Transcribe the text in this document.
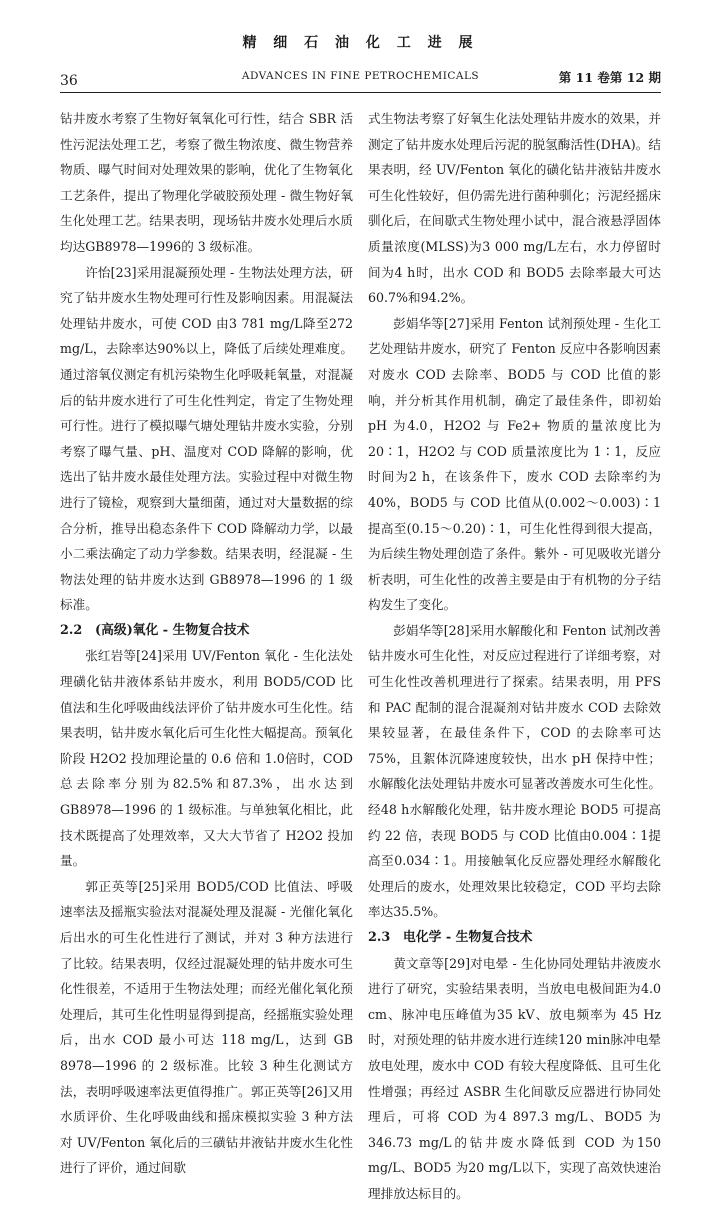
精 细 石 油 化 工 进 展
ADVANCES IN FINE PETROCHEMICALS
36	第 11 卷第 12 期

钻井废水考察了生物好氧氧化可行性，结合 SBR 活性污泥法处理工艺，考察了微生物浓度、微生物营养物质、曝气时间对处理效果的影响，优化了生物氧化工艺条件，提出了物理化学破胶预处理 - 微生物好氧生化处理工艺。结果表明，现场钻井废水处理后水质均达GB8978—1996的 3 级标准。

许怡[23]采用混凝预处理 - 生物法处理方法，研究了钻井废水生物处理可行性及影响因素。用混凝法处理钻井废水，可使 COD 由3 781 mg/L降至272 mg/L，去除率达90%以上，降低了后续处理难度。通过溶氧仪测定有机污染物生化呼吸耗氧量，对混凝后的钻井废水进行了可生化性判定，肯定了生物处理可行性。进行了模拟曝气塘处理钻井废水实验，分别考察了曝气量、pH、温度对 COD 降解的影响，优选出了钻井废水最佳处理方法。实验过程中对微生物进行了镜检，观察到大量细菌，通过对大量数据的综合分析，推导出稳态条件下 COD 降解动力学，以最小二乘法确定了动力学参数。结果表明，经混凝 - 生物法处理的钻井废水达到 GB8978—1996 的 1 级标准。

2.2　(高级)氧化 - 生物复合技术

张红岩等[24]采用 UV/Fenton 氧化 - 生化法处理磺化钻井液体系钻井废水，利用 BOD5/COD 比值法和生化呼吸曲线法评价了钻井废水可生化性。结果表明，钻井废水氧化后可生化性大幅提高。预氧化阶段 H2O2 投加理论量的 0.6 倍和 1.0倍时，COD 总去除率分别为82.5%和87.3%，出水达到 GB8978—1996 的 1 级标准。与单独氧化相比，此技术既提高了处理效率，又大大节省了 H2O2 投加量。

郭正英等[25]采用 BOD5/COD 比值法、呼吸速率法及摇瓶实验法对混凝处理及混凝 - 光催化氧化后出水的可生化性进行了测试，并对 3 种方法进行了比较。结果表明，仅经过混凝处理的钻井废水可生化性很差，不适用于生物法处理；而经光催化氧化预处理后，其可生化性明显得到提高，经摇瓶实验处理后，出水 COD 最小可达 118 mg/L，达到 GB 8978—1996 的 2 级标准。比较 3 种生化测试方法，表明呼吸速率法更值得推广。郭正英等[26]又用水质评价、生化呼吸曲线和摇床模拟实验 3 种方法对 UV/Fenton 氧化后的三磺钻井液钻井废水生化性进行了评价，通过间歇

式生物法考察了好氧生化法处理钻井废水的效果，并测定了钻井废水处理后污泥的脱氢酶活性(DHA)。结果表明，经 UV/Fenton 氧化的磺化钻井液钻井废水可生化性较好，但仍需先进行菌种驯化；污泥经摇床驯化后，在间歇式生物处理小试中，混合液悬浮固体质量浓度(MLSS)为3 000 mg/L左右，水力停留时间为4 h时，出水 COD 和 BOD5 去除率最大可达60.7%和94.2%。

彭娟华等[27]采用 Fenton 试剂预处理 - 生化工艺处理钻井废水，研究了 Fenton 反应中各影响因素对废水 COD 去除率、BOD5 与 COD 比值的影响，并分析其作用机制，确定了最佳条件，即初始 pH 为4.0，H2O2 与 Fe2+ 物质的量浓度比为 20∶1，H2O2 与 COD 质量浓度比为 1∶1，反应时间为2 h，在该条件下，废水 COD 去除率约为40%，BOD5 与 COD 比值从(0.002～0.003)∶1提高至(0.15～0.20)∶1，可生化性得到很大提高，为后续生物处理创造了条件。紫外 - 可见吸收光谱分析表明，可生化性的改善主要是由于有机物的分子结构发生了变化。

彭娟华等[28]采用水解酸化和 Fenton 试剂改善钻井废水可生化性，对反应过程进行了详细考察，对可生化性改善机理进行了探索。结果表明，用 PFS 和 PAC 配制的混合混凝剂对钻井废水 COD 去除效果较显著，在最佳条件下，COD 的去除率可达75%，且絮体沉降速度较快，出水 pH 保持中性；水解酸化法处理钻井废水可显著改善废水可生化性。经48 h水解酸化处理，钻井废水理论 BOD5 可提高约 22 倍，表现 BOD5 与 COD 比值由0.004∶1提高至0.034∶1。用接触氧化反应器处理经水解酸化处理后的废水，处理效果比较稳定，COD 平均去除率达35.5%。

2.3　电化学 - 生物复合技术

黄文章等[29]对电晕 - 生化协同处理钻井液废水进行了研究，实验结果表明，当放电电极间距为4.0 cm、脉冲电压峰值为35 kV、放电频率为 45 Hz时，对预处理的钻井废水进行连续120 min脉冲电晕放电处理，废水中 COD 有较大程度降低、且可生化性增强；再经过 ASBR 生化间歇反应器进行协同处理后，可将 COD 为4 897.3 mg/L、BOD5 为346.73 mg/L的钻井废水降低到 COD 为150 mg/L、BOD5 为20 mg/L以下，实现了高效快速治理排放达标目的。
